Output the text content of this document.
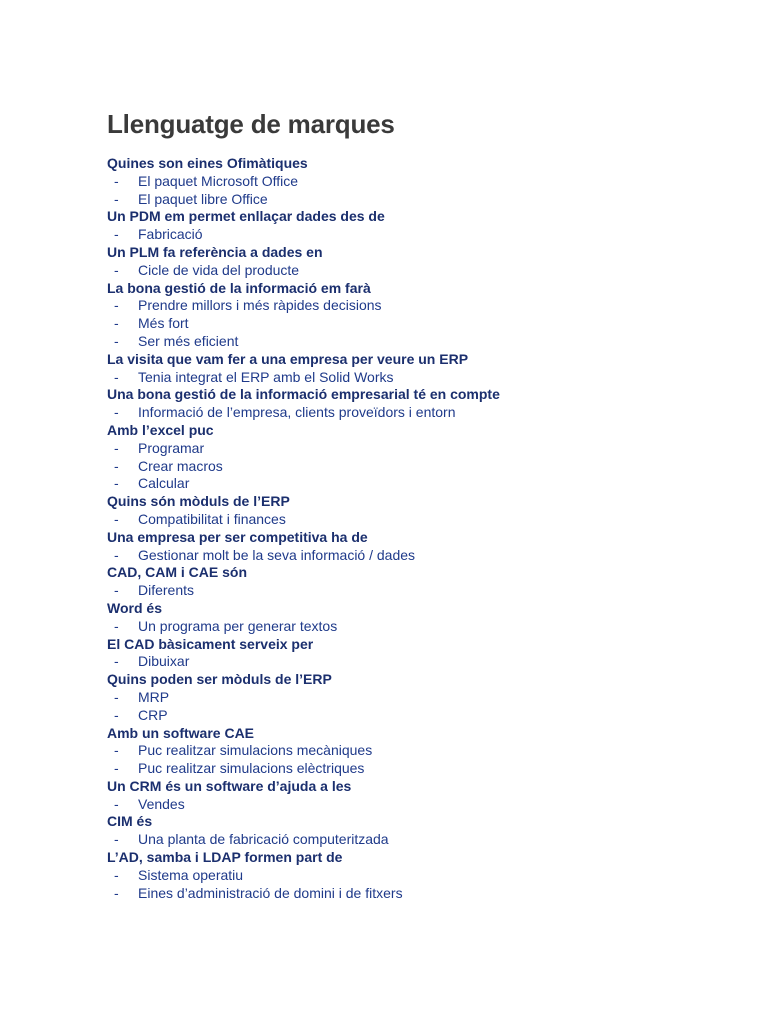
Llenguatge de marques
Quines son eines Ofimàtiques
- El paquet Microsoft Office
- El paquet libre Office
Un PDM em permet enllaçar dades des de
- Fabricació
Un PLM fa referència a dades en
- Cicle de vida del producte
La bona gestió de la informació em farà
- Prendre millors i més ràpides decisions
- Més fort
- Ser més eficient
La visita que vam fer a una empresa per veure un ERP
- Tenia integrat el ERP amb el Solid Works
Una bona gestió de la informació empresarial té en compte
- Informació de l’empresa, clients proveïdors i entorn
Amb l’excel puc
- Programar
- Crear macros
- Calcular
Quins són mòduls de l’ERP
- Compatibilitat i finances
Una empresa per ser competitiva ha de
- Gestionar molt be la seva informació / dades
CAD, CAM i CAE són
- Diferents
Word és
- Un programa per generar textos
El CAD bàsicament serveix per
- Dibuixar
Quins poden ser mòduls de l’ERP
- MRP
- CRP
Amb un software CAE
- Puc realitzar simulacions mecàniques
- Puc realitzar simulacions elèctriques
Un CRM és un software d’ajuda a les
- Vendes
CIM és
- Una planta de fabricació computeritzada
L’AD, samba i LDAP formen part de
- Sistema operatiu
- Eines d’administració de domini i de fitxers
